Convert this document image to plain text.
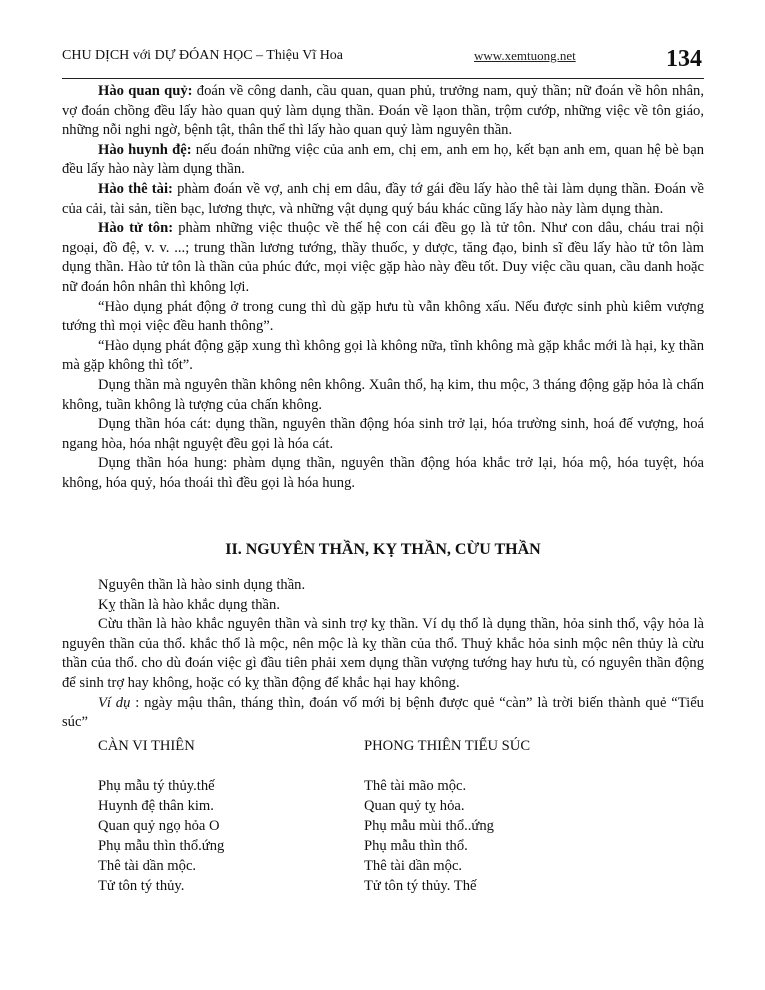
CHU DỊCH với DỰ ĐÓAN HỌC – Thiệu Vĩ Hoa	www.xemtuong.net	134

Hào quan quỷ: đoán về công danh, cầu quan, quan phủ, trưởng nam, quỷ thần; nữ đoán về hôn nhân, vợ đoán chồng đều lấy hào quan quỷ làm dụng thần. Đoán về lạon thần, trộm cướp, những việc về tôn giáo, những nỗi nghi ngờ, bệnh tật, thân thể thì lấy hào quan quỷ làm nguyên thần.

Hào huynh đệ: nếu đoán những việc của anh em, chị em, anh em họ, kết bạn anh em, quan hệ bè bạn đều lấy hào này làm dụng thần.

Hào thê tài: phàm đoán về vợ, anh chị em dâu, đầy tớ gái đều lấy hào thê tài làm dụng thần. Đoán về của cải, tài sản, tiền bạc, lương thực, và những vật dụng quý báu khác cũng lấy hào này làm dụng thàn.

Hào tử tôn: phàm những việc thuộc về thế hệ con cái đều gọ là tử tôn. Như con dâu, cháu trai nội ngoại, đồ đệ, v. v. ...; trung thần lương tướng, thầy thuốc, y dược, tăng đạo, binh sĩ đều lấy hào tử tôn làm dụng thần. Hào tử tôn là thần của phúc đức, mọi việc gặp hào này đều tốt. Duy việc cầu quan, cầu danh hoặc nữ đoán hôn nhân thì không lợi.

“Hào dụng phát động ở trong cung thì dù gặp hưu tù vẫn không xấu. Nếu được sinh phù kiêm vượng tướng thì mọi việc đều hanh thông”.

“Hào dụng phát động gặp xung thì không gọi là không nữa, tĩnh không mà gặp khắc mới là hại, kỵ thần mà gặp không thì tốt”.

Dụng thần mà nguyên thần không nên không. Xuân thổ, hạ kim, thu mộc, 3 tháng động gặp hỏa là chấn không, tuần không là tượng của chấn không.

Dụng thần hóa cát: dụng thần, nguyên thần động hóa sinh trở lại, hóa trường sinh, hoá đế vượng, hoá ngang hòa, hóa nhật nguyệt đều gọi là hóa cát.

Dụng thần hóa hung: phàm dụng thần, nguyên thần động hóa khắc trở lại, hóa mộ, hóa tuyệt, hóa không, hóa quỷ, hóa thoái thì đều gọi là hóa hung.

II. NGUYÊN THẦN, KỴ THẦN, CỪU THẦN

Nguyên thần là hào sinh dụng thần.

Kỵ thần là hào khắc dụng thần.

Cừu thần là hào khắc nguyên thần và sinh trợ kỵ thần. Ví dụ thổ là dụng thần, hỏa sinh thổ, vậy hỏa là nguyên thần của thổ. khắc thổ là mộc, nên mộc là kỵ thần của thổ. Thuỷ khắc hỏa sinh mộc nên thủy là cừu thần của thổ. cho dù đoán việc gì đầu tiên phải xem dụng thần vượng tướng hay hưu tù, có nguyên thần động để sinh trợ hay không, hoặc có kỵ thần động để khắc hại hay không.

Ví dụ : ngày mậu thân, tháng thìn, đoán vố mới bị bệnh được quẻ “càn” là trời biến thành quẻ “Tiểu súc”

CÀN VI THIÊN
Phụ mẫu tý thủy.thế
Huynh đệ thân kim.
Quan quỷ ngọ hỏa O
Phụ mẫu thìn thổ.ứng
Thê tài dần mộc.
Tử tôn tý thủy.
PHONG THIÊN TIỂU SÚC
Thê tài mão mộc.
Quan quỷ tỵ hỏa.
Phụ mẫu mùi thổ..ứng
Phụ mẫu thìn thổ.
Thê tài dần mộc.
Tử tôn tý thủy. Thế
